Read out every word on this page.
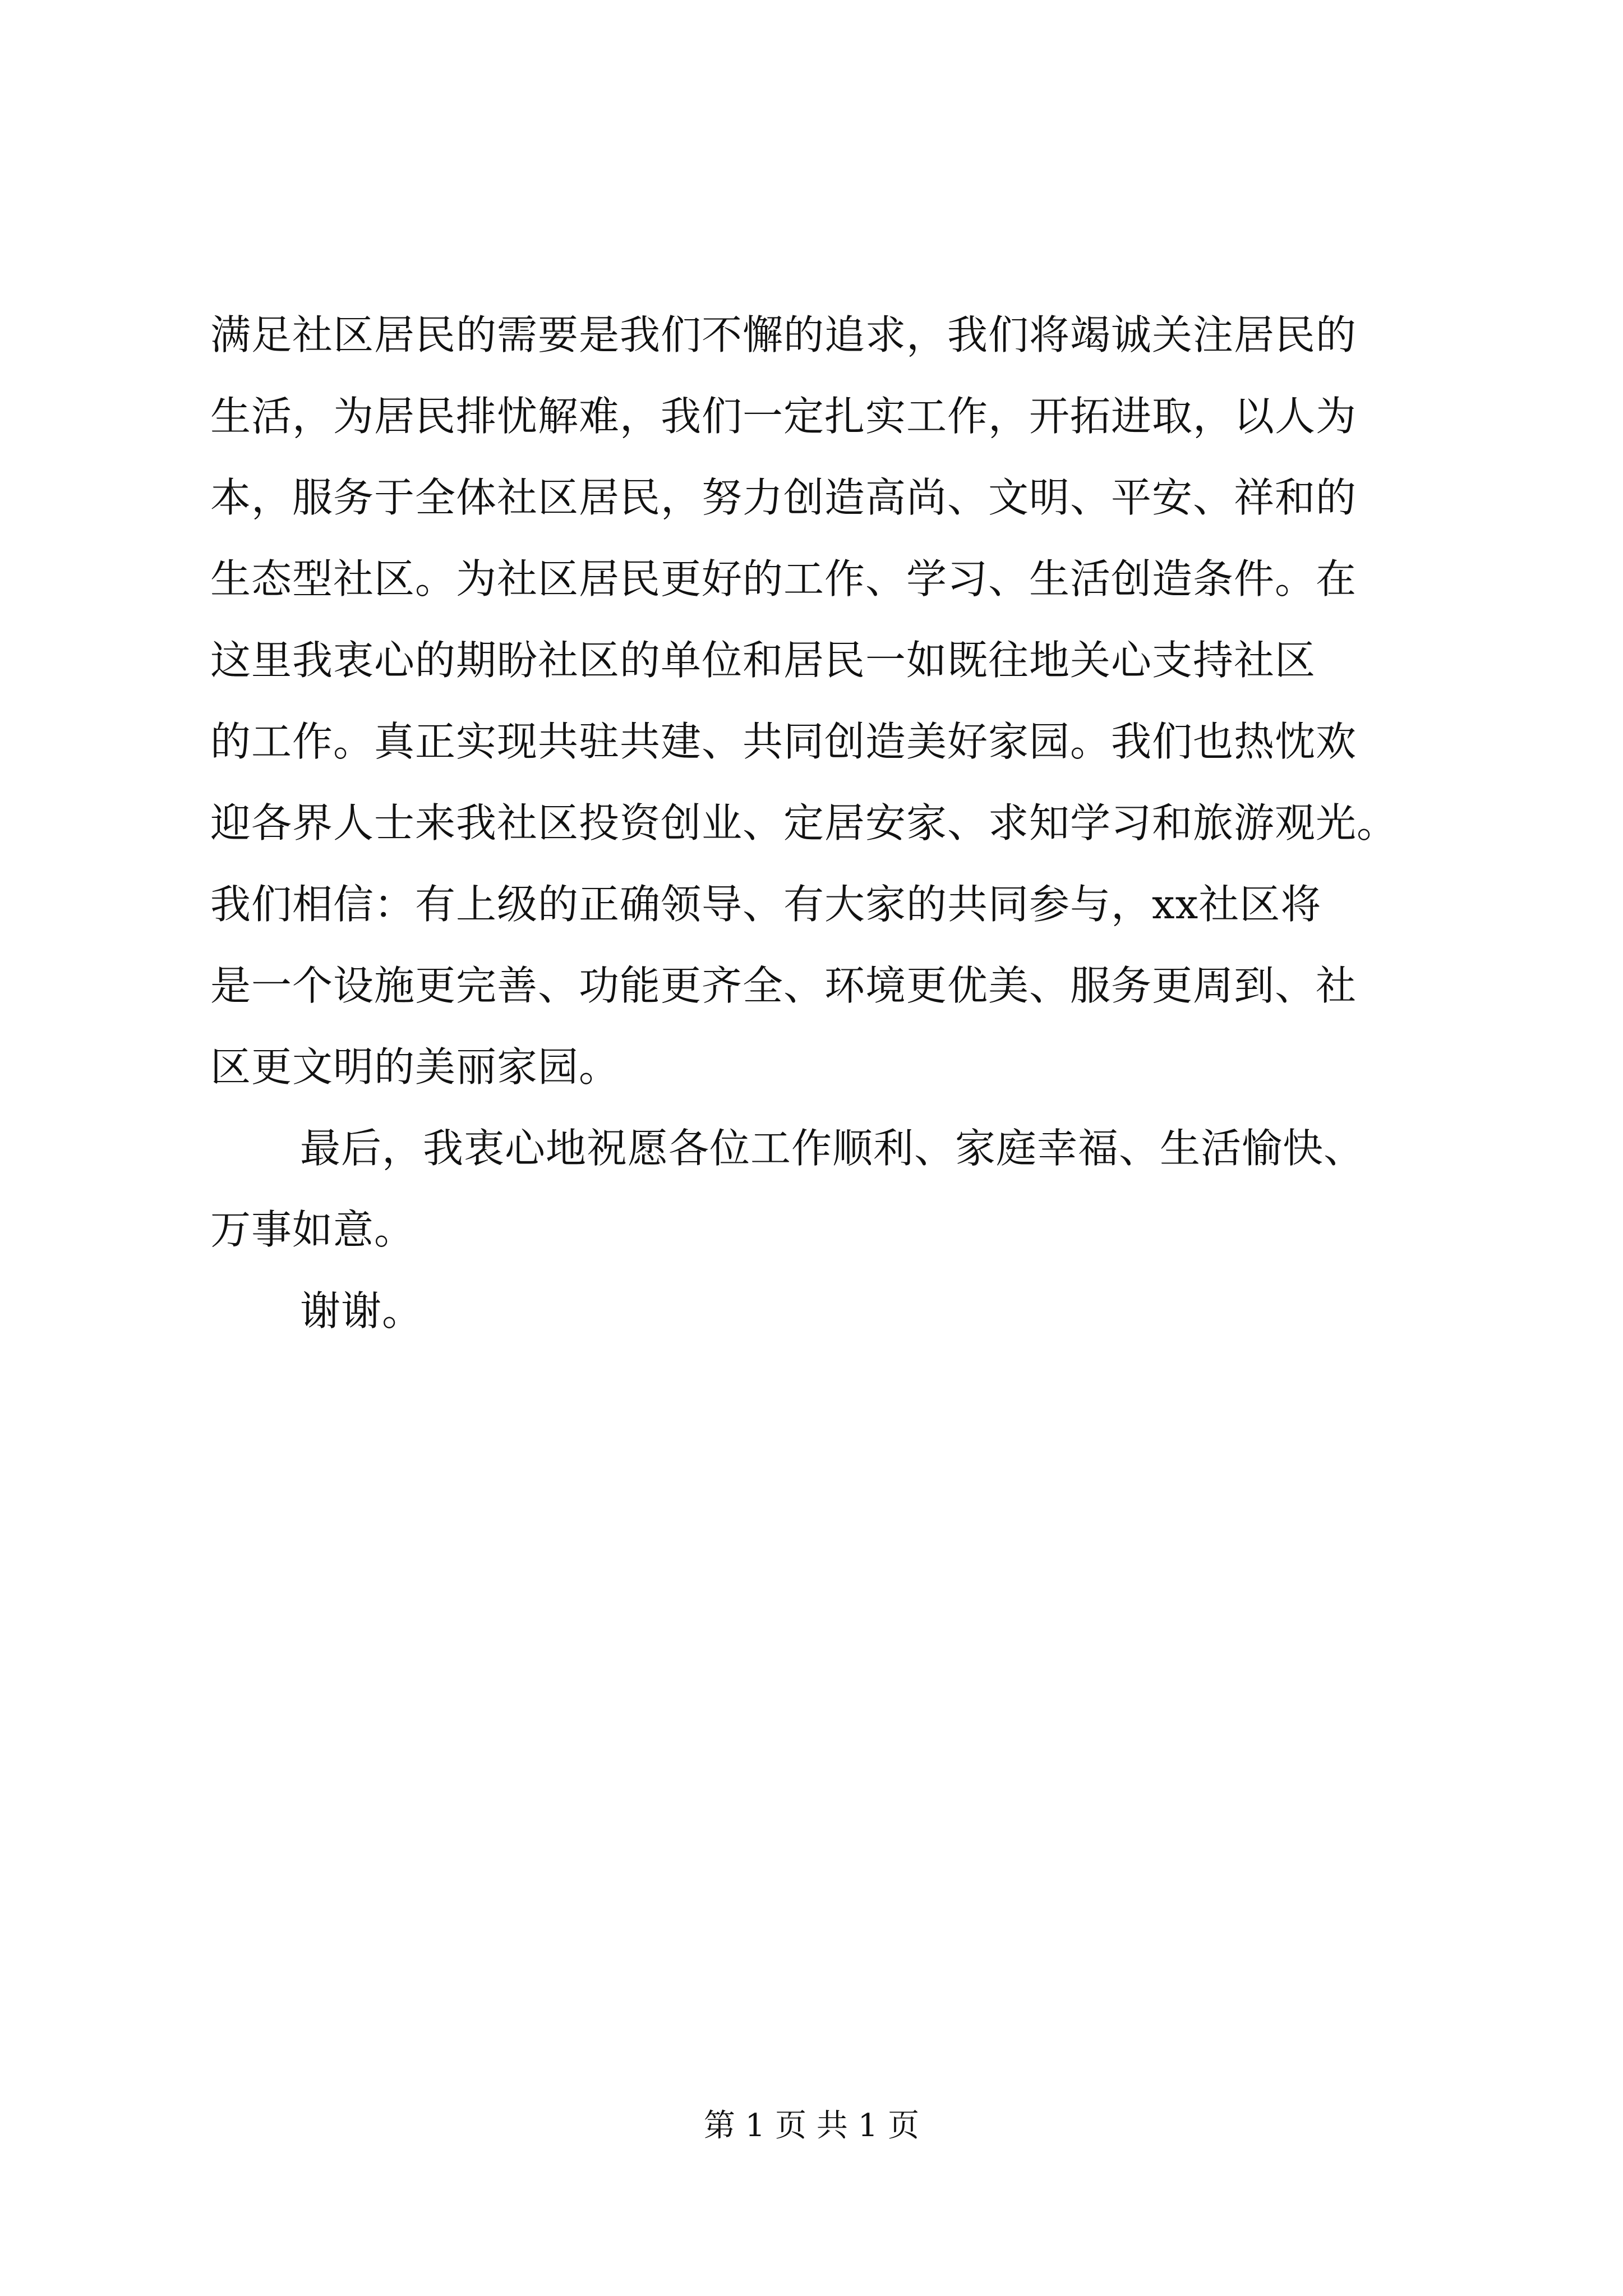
满足社区居民的需要是我们不懈的追求，我们将竭诚关注居民的
生活，为居民排忧解难，我们一定扎实工作，开拓进取，以人为
本，服务于全体社区居民，努力创造高尚、文明、平安、祥和的
生态型社区。为社区居民更好的工作、学习、生活创造条件。在
这里我衷心的期盼社区的单位和居民一如既往地关心支持社区
的工作。真正实现共驻共建、共同创造美好家园。我们也热忱欢
迎各界人士来我社区投资创业、定居安家、求知学习和旅游观光。
我们相信：有上级的正确领导、有大家的共同参与，xx社区将
是一个设施更完善、功能更齐全、环境更优美、服务更周到、社
区更文明的美丽家园。
最后，我衷心地祝愿各位工作顺利、家庭幸福、生活愉快、
万事如意。
谢谢。
第 1 页 共 1 页
